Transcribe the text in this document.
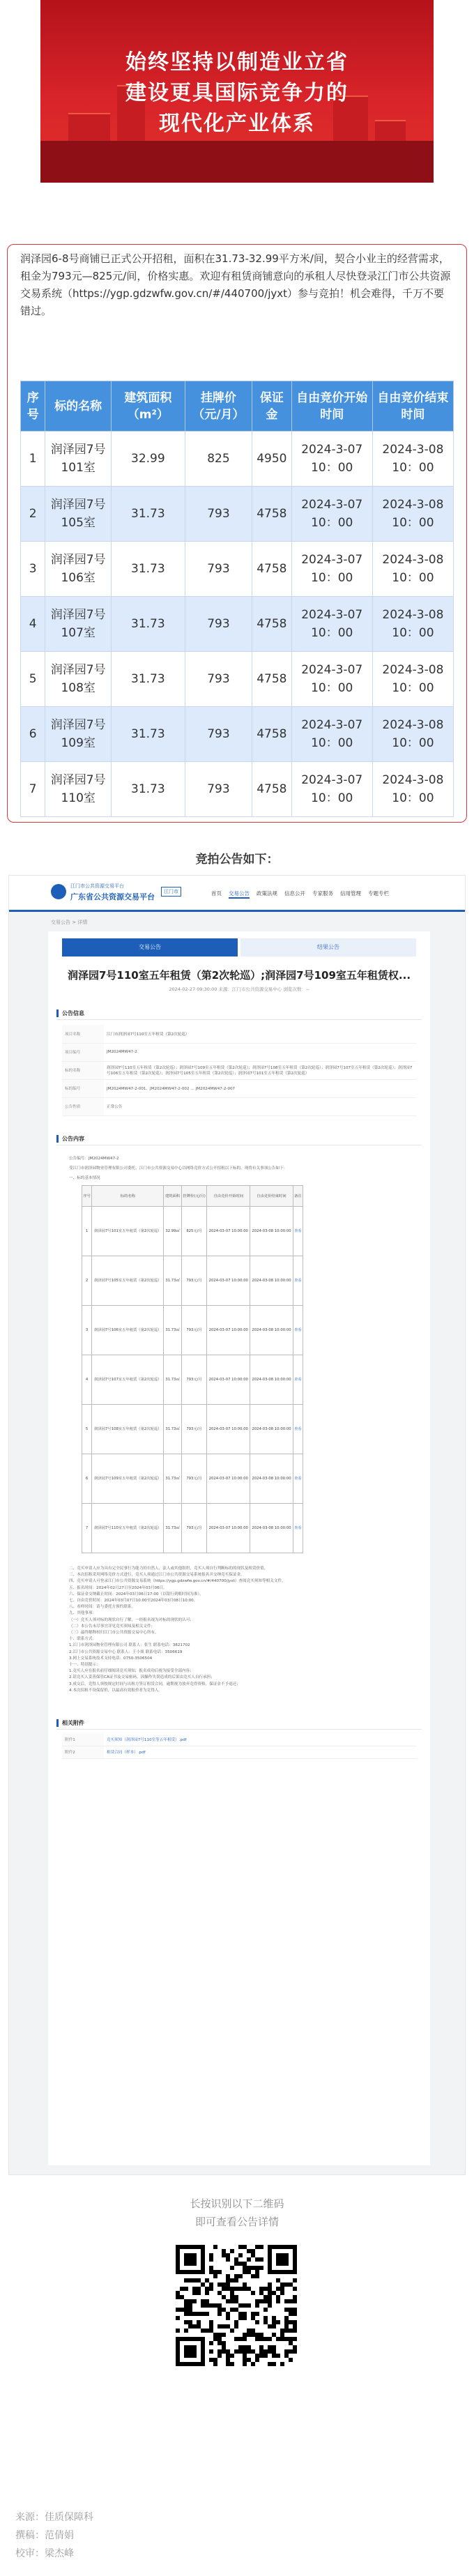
始终坚持以制造业立省
建设更具国际竞争力的
现代化产业体系
润泽园6-8号商铺已正式公开招租，面积在31.73-32.99平方米/间，契合小业主的经营需求，租金为793元—825元/间，价格实惠。欢迎有租赁商铺意向的承租人尽快登录江门市公共资源交易系统（https://ygp.gdzwfw.gov.cn/#/440700/jyxt）参与竞拍！机会难得，千万不要错过。
序号	标的名称	建筑面积（m²）	挂牌价（元/月）	保证金	自由竞价开始时间	自由竞价结束时间
1	润泽园7号101室	32.99	825	4950	2024-3-07 10：00	2024-3-08 10：00
2	润泽园7号105室	31.73	793	4758	2024-3-07 10：00	2024-3-08 10：00
3	润泽园7号106室	31.73	793	4758	2024-3-07 10：00	2024-3-08 10：00
4	润泽园7号107室	31.73	793	4758	2024-3-07 10：00	2024-3-08 10：00
5	润泽园7号108室	31.73	793	4758	2024-3-07 10：00	2024-3-08 10：00
6	润泽园7号109室	31.73	793	4758	2024-3-07 10：00	2024-3-08 10：00
7	润泽园7号110室	31.73	793	4758	2024-3-07 10：00	2024-3-08 10：00
竞拍公告如下：
江门市公共资源交易平台
广东省公共资源交易平台
江门市	首页 交易公告 政策法规 信息公开 专家服务 信用管理 专题专栏
交易公告 > 详情
交易公告	结果公告
润泽园7号110室五年租赁（第2次轮巡）;润泽园7号109室五年租赁权...
2024-02-27 09:30:00 来源：江门市公共资源交易中心 浏览次数：--
公告信息
项目名称	江门市润泽园7号110室五年租赁（第2次轮巡）
项目编号	JM2024MW47-2
标的名称	润泽园7号110室五年租赁（第2次轮巡）；润泽园7号109室五年租赁（第2次轮巡）；润泽园7号108室五年租赁（第2次轮巡）；润泽园7号107室五年租赁（第2次轮巡）；润泽园7号106室五年租赁（第2次轮巡）；润泽园7号105室五年租赁（第2次轮巡）；润泽园7号101室五年租赁（第2次轮巡）
标的编号	JM2024MW47-2-001、JM2024MW47-2-002 … JM2024MW47-2-007
公告性质	正常公告
公告内容
公告编号：JM2024MW47-2
受江门市润泽园物业管理有限公司委托，江门市公共资源交易中心以网络竞价方式公开招租以下标的，现将有关事项公告如下：
一、标的基本情况
序号	标的名称	建筑面积	挂牌价(元/月)	自由竞价开始时间	自由竞价结束时间	备注
1	润泽园7号101室五年租赁（第2次轮巡）	32.99㎡	825元/月	2024-03-07 10:00:00	2024-03-08 10:00:00	查看
2	润泽园7号105室五年租赁（第2次轮巡）	31.73㎡	793元/月	2024-03-07 10:00:00	2024-03-08 10:00:00	查看
3	润泽园7号106室五年租赁（第2次轮巡）	31.73㎡	793元/月	2024-03-07 10:00:00	2024-03-08 10:00:00	查看
4	润泽园7号107室五年租赁（第2次轮巡）	31.73㎡	793元/月	2024-03-07 10:00:00	2024-03-08 10:00:00	查看
5	润泽园7号108室五年租赁（第2次轮巡）	31.73㎡	793元/月	2024-03-07 10:00:00	2024-03-08 10:00:00	查看
6	润泽园7号109室五年租赁（第2次轮巡）	31.73㎡	793元/月	2024-03-07 10:00:00	2024-03-08 10:00:00	查看
7	润泽园7号110室五年租赁（第2次轮巡）	31.73㎡	793元/月	2024-03-07 10:00:00	2024-03-08 10:00:00	查看

二、竞买申请人应为具有完全民事行为能力的自然人、法人或其他组织，竞买人须自行判断标的的现状及租赁价值。

三、本次招租采用网络竞价方式进行，竞买人须通过江门市公共资源交易系统报名并交纳竞买保证金。

四、竞买申请人可登录江门市公共资源交易系统（https://ygp.gdzwfw.gov.cn/#/440700/jyxt）查阅竞买须知等相关文件。

五、报名时间：2024年02月27日至2024年03月06日。

六、保证金交纳截止时间：2024年03月06日17:00（以银行到账时间为准）。

七、自由竞价时间：2024年03月07日10:00至2024年03月08日10:00。

八、看样时间：请与委托方预约联系。

九、其他事项：

（一）竞买人须对标的现状自行了解，一经报名视为对标的现状的认可；

（二）本公告未尽事宜详见竞买须知及相关文件；

（三）最终解释权归江门市公共资源交易中心所有。

十、联系方式：

1.江门市润泽园物业管理有限公司 联系人：张生 联系电话：3821702

2.江门市公共资源交易中心 联系人：王小姐 联系电话：3506619

3.网上交易系统技术支持电话：0750-3506504

十一、特别提示：

1.竞买人应在报名前仔细阅读竞买须知，报名成功后视为接受全部内容；

2.请竞买人妥善保管CA证书及交易密码，因操作失误造成的后果由竞买人自行承担；

3.成交后，竞得人须按规定时间与出租方签订租赁合同，逾期视为放弃竞得资格，保证金不予退还；

4.本次招租不设保留价，以最高有效报价者为竞得人。

相关附件
附件1	竞买须知（润泽园7号110室等五年租赁）.pdf
附件2	租赁合同（样本）.pdf
长按识别以下二维码
即可查看公告详情
来源：佳质保障科
撰稿：范倩娟
校审：梁杰峰
